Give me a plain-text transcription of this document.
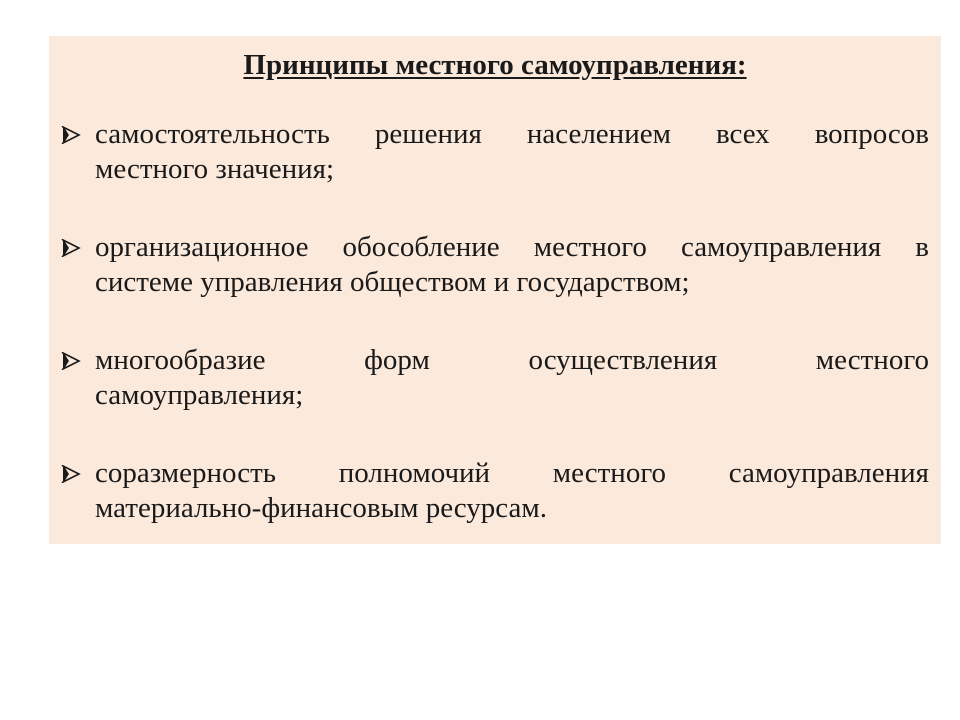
Принципы местного самоуправления:
самостоятельность решения населением всех вопросов
местного значения;
организационное обособление местного самоуправления в
системе управления обществом и государством;
многообразие форм осуществления местного
самоуправления;
соразмерность полномочий местного самоуправления
материально-финансовым ресурсам.
